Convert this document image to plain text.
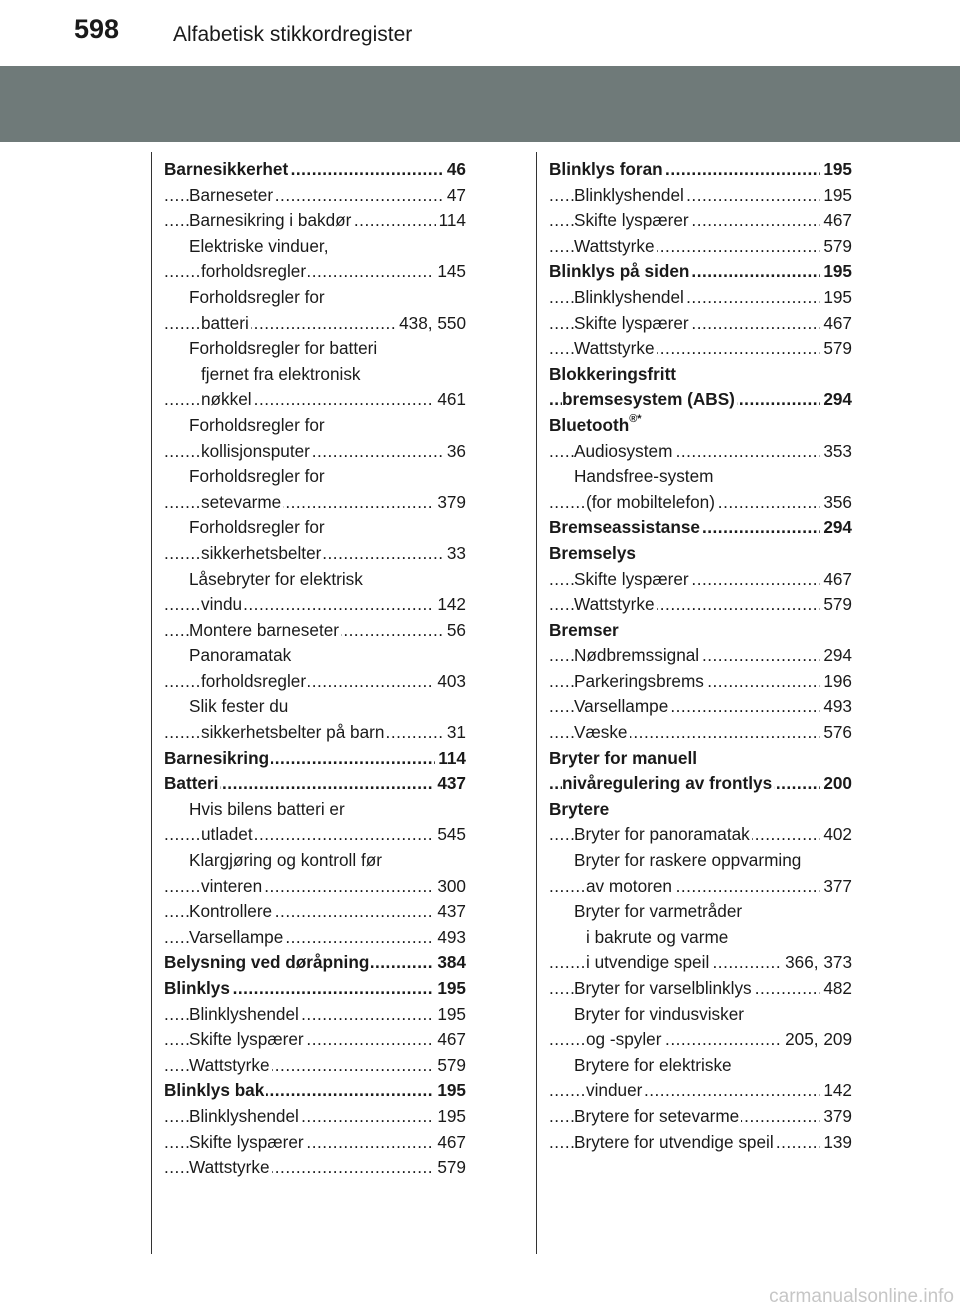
598	Alfabetisk stikkordregister
Barnesikkerhet	46
.....
Barneseter	47
.....
Barnesikring i bakdør	114
.....
Elektriske vinduer,
forholdsregler	145
.....
Forholdsregler for
batteri	438, 550
.....
Forholdsregler for batteri
fjernet fra elektronisk
nøkkel	461
.....
Forholdsregler for
kollisjonsputer	36
.....
Forholdsregler for
setevarme	379
.....
Forholdsregler for
sikkerhetsbelter	33
.....
Låsebryter for elektrisk
vindu	142
.....
Montere barneseter	56
.....
Panoramatak
forholdsregler	403
.....
Slik fester du
sikkerhetsbelter på barn	31
.....
Barnesikring	114
.....
Batteri	437
.....
Hvis bilens batteri er
utladet	545
.....
Klargjøring og kontroll før
vinteren	300
.....
Kontrollere	437
.....
Varsellampe	493
.....
Belysning ved døråpning	384
.....
Blinklys	195
.....
Blinklyshendel	195
.....
Skifte lyspærer	467
.....
Wattstyrke	579
.....
Blinklys bak	195
.....
Blinklyshendel	195
.....
Skifte lyspærer	467
.....
Wattstyrke	579
.....
Blinklys foran	195
.....
Blinklyshendel	195
.....
Skifte lyspærer	467
.....
Wattstyrke	579
.....
Blinklys på siden	195
.....
Blinklyshendel	195
.....
Skifte lyspærer	467
.....
Wattstyrke	579
.....
Blokkeringsfritt
bremsesystem (ABS)	294
.....
Bluetooth®*
Audiosystem	353
.....
Handsfree-system
(for mobiltelefon)	356
.....
Bremseassistanse	294
.....
Bremselys
Skifte lyspærer	467
.....
Wattstyrke	579
.....
Bremser
Nødbremssignal	294
.....
Parkeringsbrems	196
.....
Varsellampe	493
.....
Væske	576
.....
Bryter for manuell
nivåregulering av frontlys	200
.....
Brytere
Bryter for panoramatak	402
.....
Bryter for raskere oppvarming
av motoren	377
.....
Bryter for varmetråder
i bakrute og varme
i utvendige speil	366, 373
.....
Bryter for varselblinklys	482
.....
Bryter for vindusvisker
og -spyler	205, 209
.....
Brytere for elektriske
vinduer	142
.....
Brytere for setevarme	379
.....
Brytere for utvendige speil	139
.....
carmanualsonline.info
